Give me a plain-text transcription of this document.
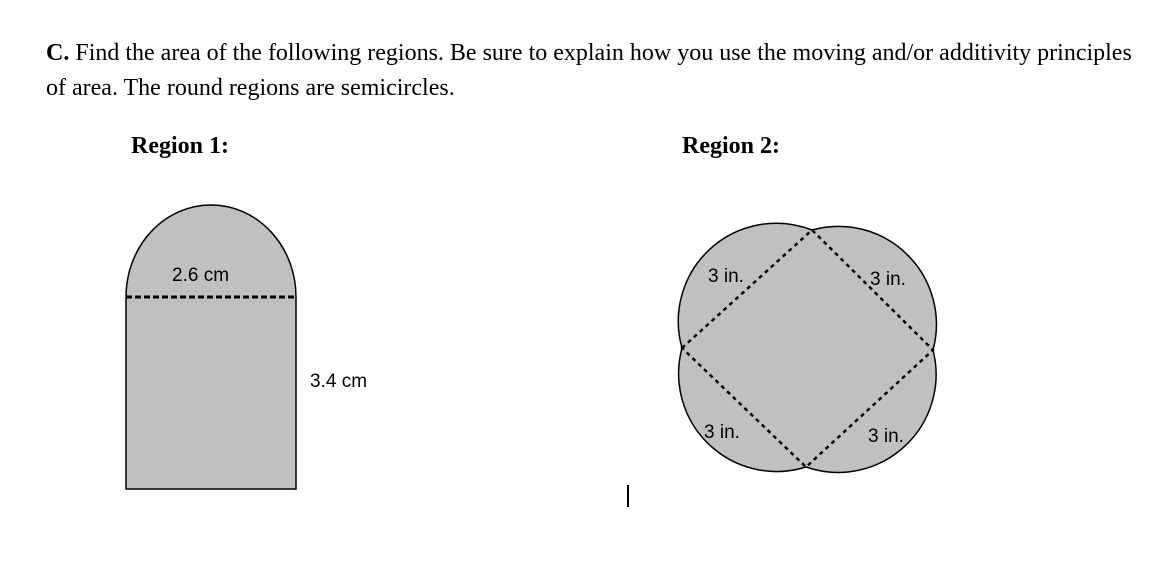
C. Find the area of the following regions. Be sure to explain how you use the moving and/or additivity principles of area. The round regions are semicircles.

Region 1:	Region 2:
2.6 cm
3.4 cm
3 in.	3 in.
3 in.	3 in.
